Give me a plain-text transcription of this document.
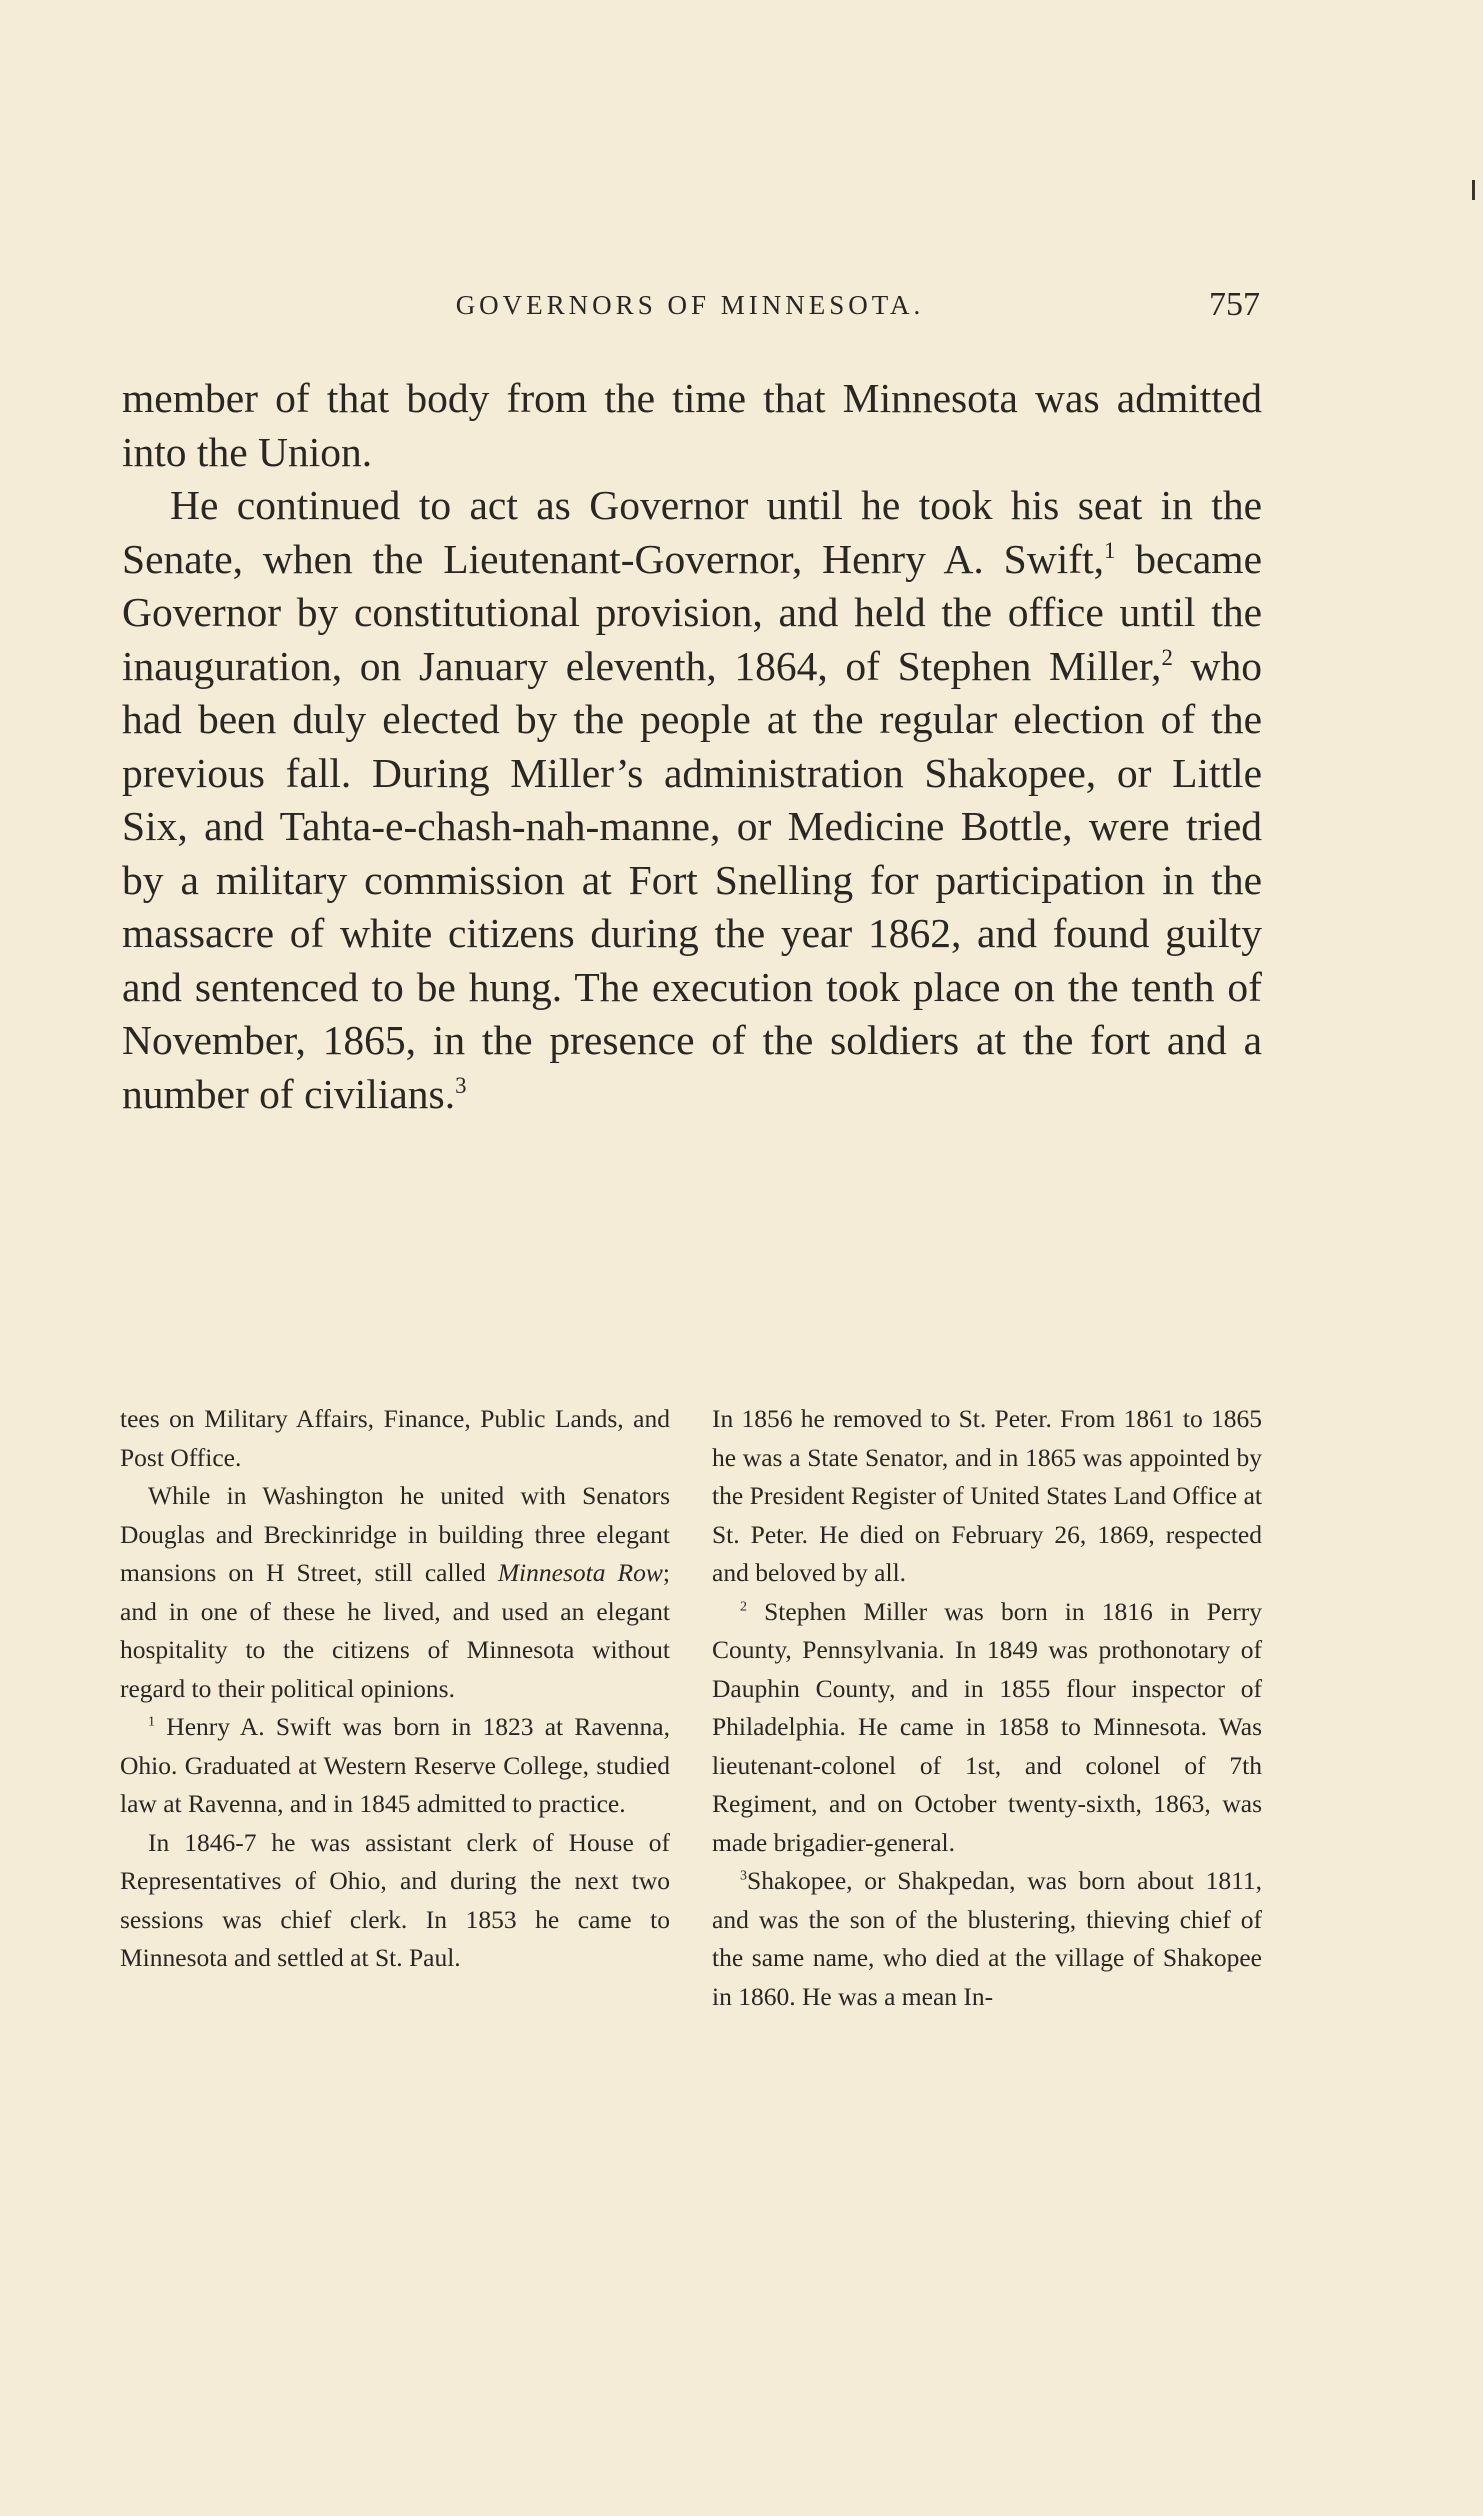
GOVERNORS OF MINNESOTA.	757

member of that body from the time that Minnesota was admitted into the Union.

He continued to act as Governor until he took his seat in the Senate, when the Lieutenant-Governor, Henry A. Swift,$^1$ became Governor by constitutional provision, and held the office until the inauguration, on January eleventh, 1864, of Stephen Miller,$^2$ who had been duly elected by the people at the regular election of the previous fall. During Miller’s administration Shakopee, or Little Six, and Tahta-e-chash-nah-manne, or Medicine Bottle, were tried by a military commission at Fort Snelling for participation in the massacre of white citizens during the year 1862, and found guilty and sentenced to be hung. The execution took place on the tenth of November, 1865, in the presence of the soldiers at the fort and a number of civilians.$^3$

tees on Military Affairs, Finance, Public Lands, and Post Office.

While in Washington he united with Senators Douglas and Breckinridge in building three elegant mansions on H Street, still called Minnesota Row; and in one of these he lived, and used an elegant hospitality to the citizens of Minnesota without regard to their political opinions.

$^1$ Henry A. Swift was born in 1823 at Ravenna, Ohio. Graduated at Western Reserve College, studied law at Ravenna, and in 1845 admitted to practice.

In 1846-7 he was assistant clerk of House of Representatives of Ohio, and during the next two sessions was chief clerk. In 1853 he came to Minnesota and settled at St. Paul.

In 1856 he removed to St. Peter. From 1861 to 1865 he was a State Senator, and in 1865 was appointed by the President Register of United States Land Office at St. Peter. He died on February 26, 1869, respected and beloved by all.

$^2$ Stephen Miller was born in 1816 in Perry County, Pennsylvania. In 1849 was prothonotary of Dauphin County, and in 1855 flour inspector of Philadelphia. He came in 1858 to Minnesota. Was lieutenant-colonel of 1st, and colonel of 7th Regiment, and on October twenty-sixth, 1863, was made brigadier-general.

$^3$Shakopee, or Shakpedan, was born about 1811, and was the son of the blustering, thieving chief of the same name, who died at the village of Shakopee in 1860. He was a mean In-
